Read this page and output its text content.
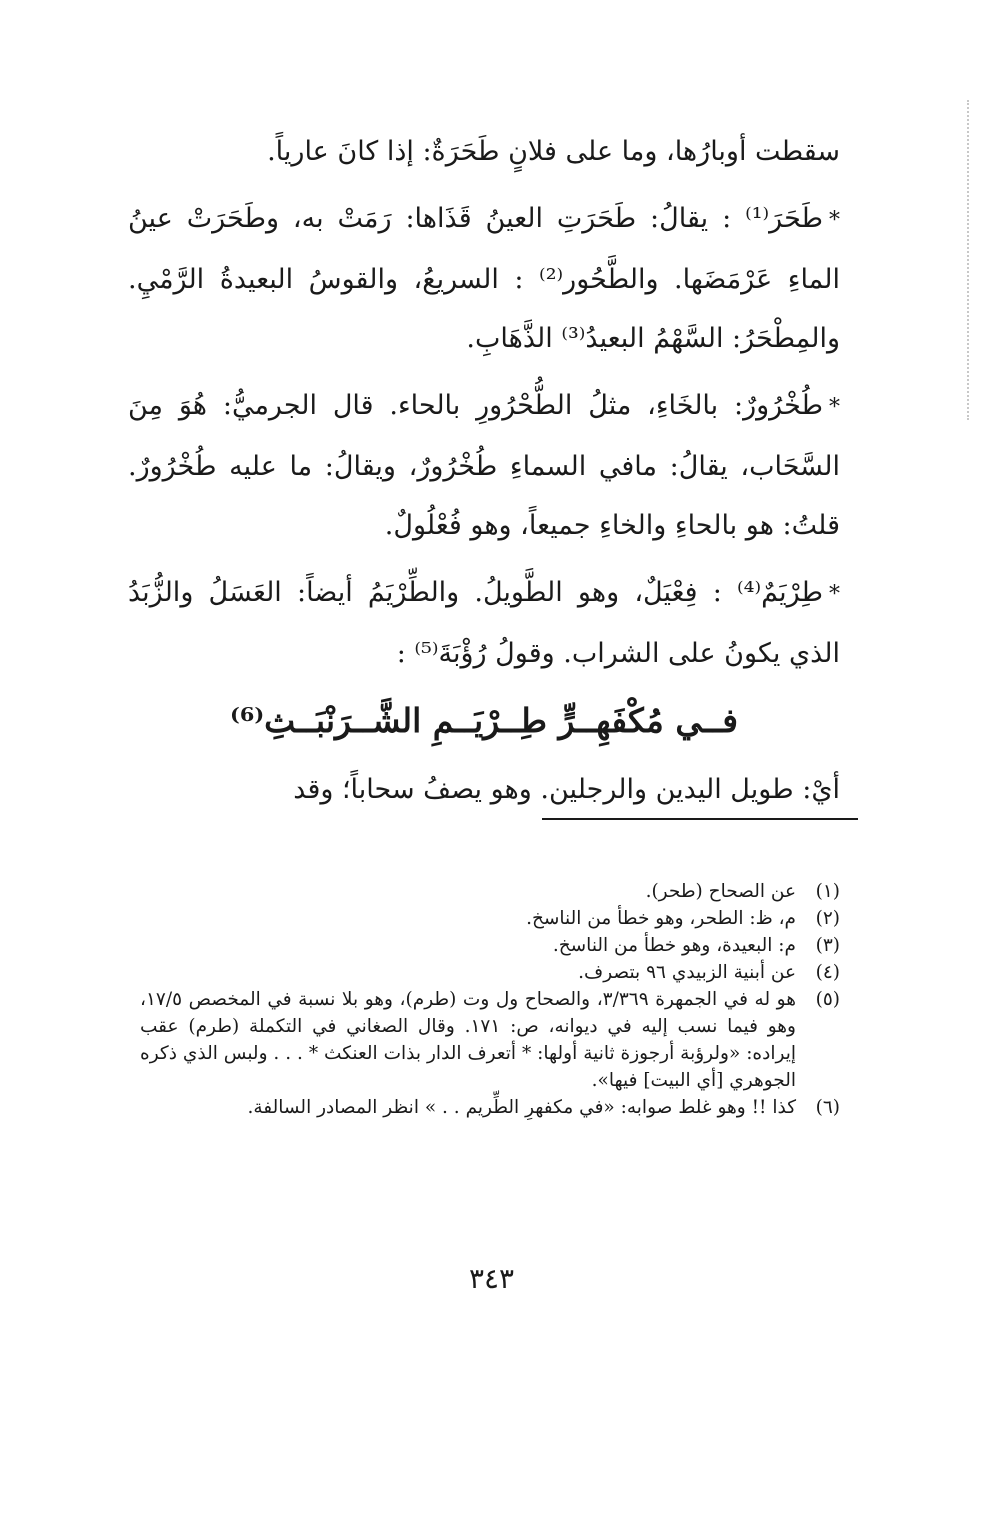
سقطت أوبارُها، وما على فلانٍ طَحَرَةٌ: إذا كانَ عارياً.

*طَحَرَ⁽¹⁾ : يقالُ: طَحَرَتِ العينُ قَذَاها: رَمَتْ به، وطَحَرَتْ عينُ الماءِ عَرْمَضَها. والطَّحُور⁽²⁾ : السريعُ، والقوسُ البعيدةُ الرَّمْيِ. والمِطْحَرُ: السَّهْمُ البعيدُ⁽³⁾ الذَّهَابِ.

*طُخْرُورٌ: بالخَاءِ، مثلُ الطُّحْرُورِ بالحاء. قال الجرميُّ: هُوَ مِنَ السَّحَاب، يقالُ: مافي السماءِ طُخْرُورٌ، ويقالُ: ما عليه طُخْرُورٌ. قلتُ: هو بالحاءِ والخاءِ جميعاً، وهو فُعْلُولٌ.

*طِرْيَمٌ⁽⁴⁾ : فِعْيَلٌ، وهو الطَّويلُ. والطِّرْيَمُ أيضاً: العَسَلُ والزُّبَدُ الذي يكونُ على الشراب. وقولُ رُؤْبَةَ⁽⁵⁾ :

فــي مُكْفَهِــرٍّ طِــرْيَــمِ الشَّــرَنْبَــثِ⁽⁶⁾

أيْ: طويل اليدين والرجلين. وهو يصفُ سحاباً؛ وقد

(١)
عن الصحاح (طحر).
(٢)
م، ظ: الطحر، وهو خطأ من الناسخ.
(٣)
م: البعيدة، وهو خطأ من الناسخ.
(٤)
عن أبنية الزبيدي ٩٦ بتصرف.
(٥)
هو له في الجمهرة ٣/٣٦٩، والصحاح ول وت (طرم)، وهو بلا نسبة في المخصص ١٧/٥، وهو فيما نسب إليه في ديوانه، ص: ١٧١. وقال الصغاني في التكملة (طرم) عقب إيراده: «ولرؤبة أرجوزة ثانية أولها: * أتعرف الدار بذات العنكث * . . . ولبس الذي ذكره الجوهري [أي البيت] فيها».
(٦)
كذا !! وهو غلط صوابه: «في مكفهرِ الطِّريم . . » انظر المصادر السالفة.
٣٤٣
